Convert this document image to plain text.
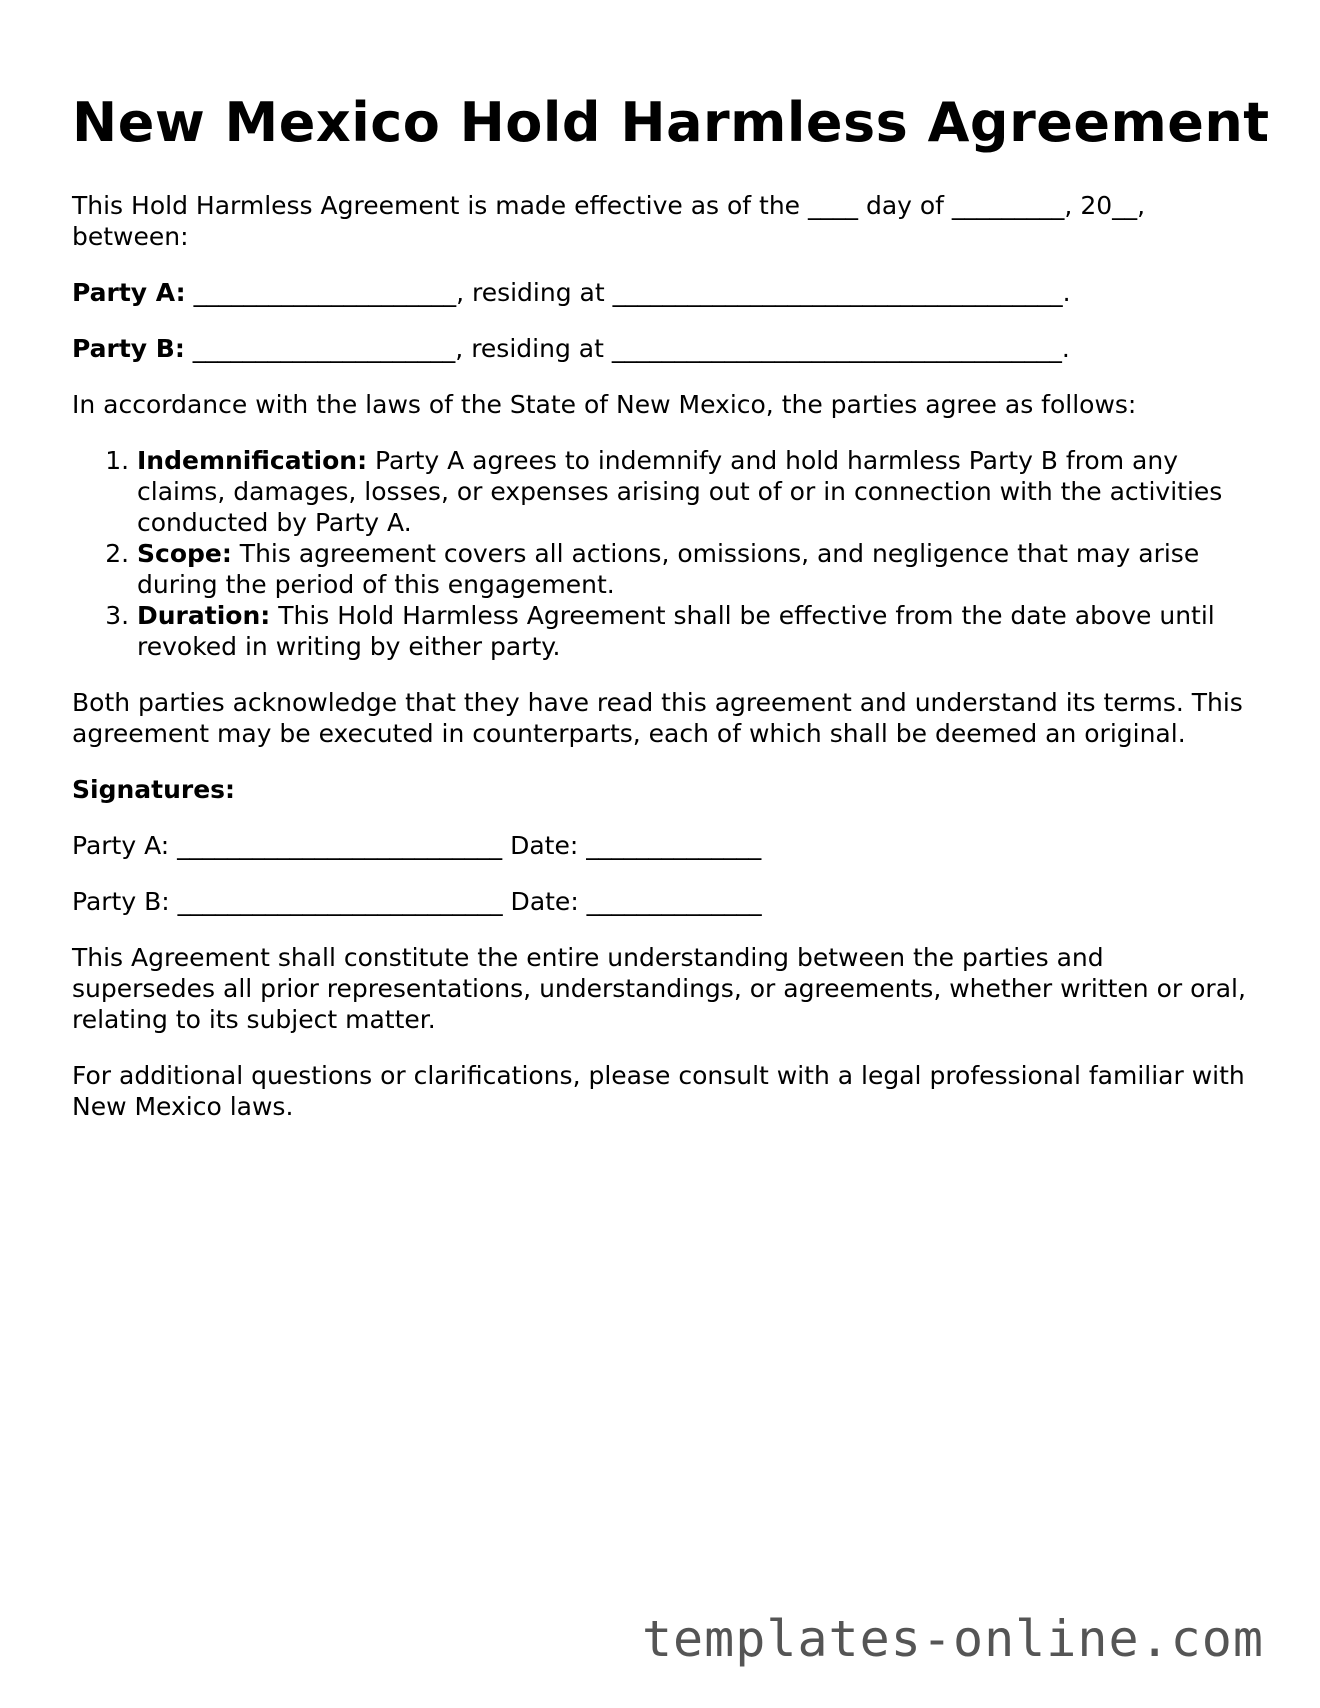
New Mexico Hold Harmless Agreement

This Hold Harmless Agreement is made effective as of the ____ day of _________, 20__, between:

Party A: _____________________, residing at ____________________________________.

Party B: _____________________, residing at ____________________________________.

In accordance with the laws of the State of New Mexico, the parties agree as follows:

1. Indemnification: Party A agrees to indemnify and hold harmless Party B from any claims, damages, losses, or expenses arising out of or in connection with the activities conducted by Party A.
2. Scope: This agreement covers all actions, omissions, and negligence that may arise during the period of this engagement.
3. Duration: This Hold Harmless Agreement shall be effective from the date above until revoked in writing by either party.

Both parties acknowledge that they have read this agreement and understand its terms. This agreement may be executed in counterparts, each of which shall be deemed an original.

Signatures:

Party A: __________________________ Date: ______________

Party B: __________________________ Date: ______________

This Agreement shall constitute the entire understanding between the parties and supersedes all prior representations, understandings, or agreements, whether written or oral, relating to its subject matter.

For additional questions or clarifications, please consult with a legal professional familiar with New Mexico laws.

templates-online.com
